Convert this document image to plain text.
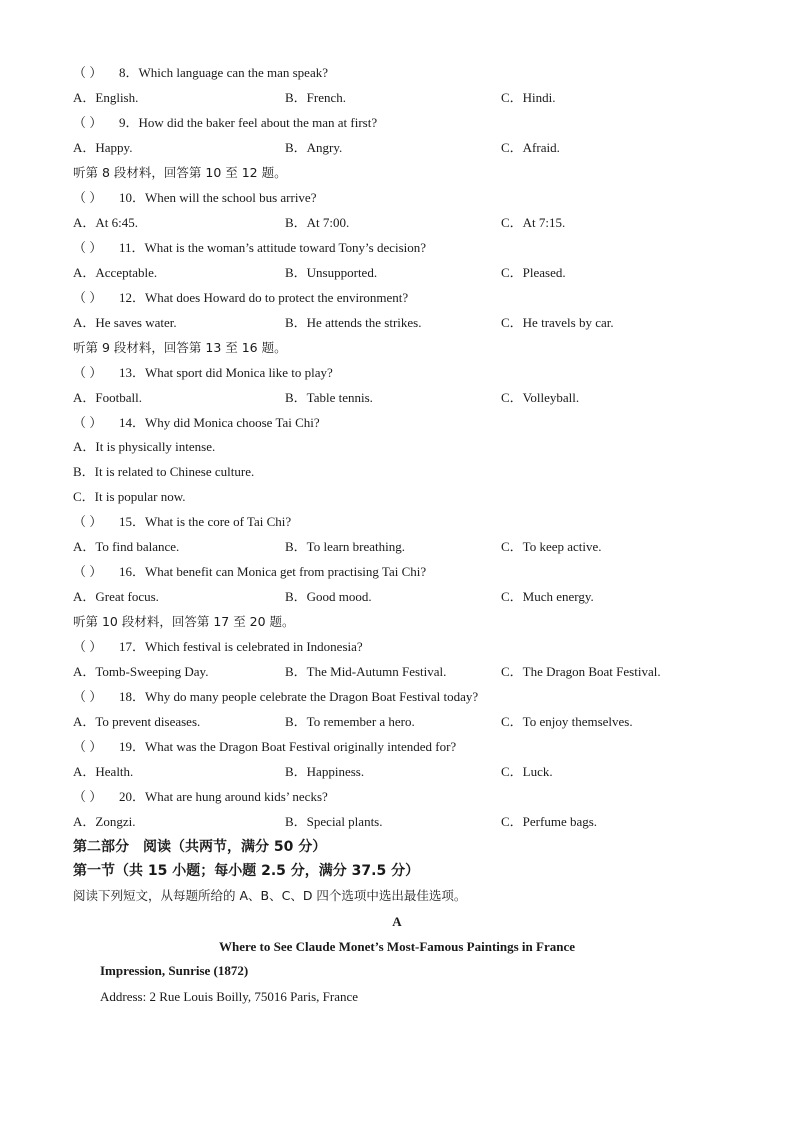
（ ） 8．Which language can the man speak?
A．English.	B．French.	C．Hindi.
（ ） 9．How did the baker feel about the man at first?
A．Happy.	B．Angry.	C．Afraid.
听第 8 段材料，回答第 10 至 12 题。
（ ） 10．When will the school bus arrive?
A．At 6:45.	B．At 7:00.	C．At 7:15.
（ ） 11．What is the woman’s attitude toward Tony’s decision?
A．Acceptable.	B．Unsupported.	C．Pleased.
（ ） 12．What does Howard do to protect the environment?
A．He saves water.	B．He attends the strikes.	C．He travels by car.
听第 9 段材料，回答第 13 至 16 题。
（ ） 13．What sport did Monica like to play?
A．Football.	B．Table tennis.	C．Volleyball.
（ ） 14．Why did Monica choose Tai Chi?
A．It is physically intense.
B．It is related to Chinese culture.
C．It is popular now.
（ ） 15．What is the core of Tai Chi?
A．To find balance.	B．To learn breathing.	C．To keep active.
（ ） 16．What benefit can Monica get from practising Tai Chi?
A．Great focus.	B．Good mood.	C．Much energy.
听第 10 段材料，回答第 17 至 20 题。
（ ） 17．Which festival is celebrated in Indonesia?
A．Tomb-Sweeping Day.	B．The Mid-Autumn Festival.	C．The Dragon Boat Festival.
（ ） 18．Why do many people celebrate the Dragon Boat Festival today?
A．To prevent diseases.	B．To remember a hero.	C．To enjoy themselves.
（ ） 19．What was the Dragon Boat Festival originally intended for?
A．Health.	B．Happiness.	C．Luck.
（ ） 20．What are hung around kids’ necks?
A．Zongzi.	B．Special plants.	C．Perfume bags.
第二部分　阅读（共两节，满分 50 分）
第一节（共 15 小题；每小题 2.5 分，满分 37.5 分）
阅读下列短文，从每题所给的 A、B、C、D 四个选项中选出最佳选项。
A
Where to See Claude Monet’s Most-Famous Paintings in France
Impression, Sunrise (1872)
Address: 2 Rue Louis Boilly, 75016 Paris, France
